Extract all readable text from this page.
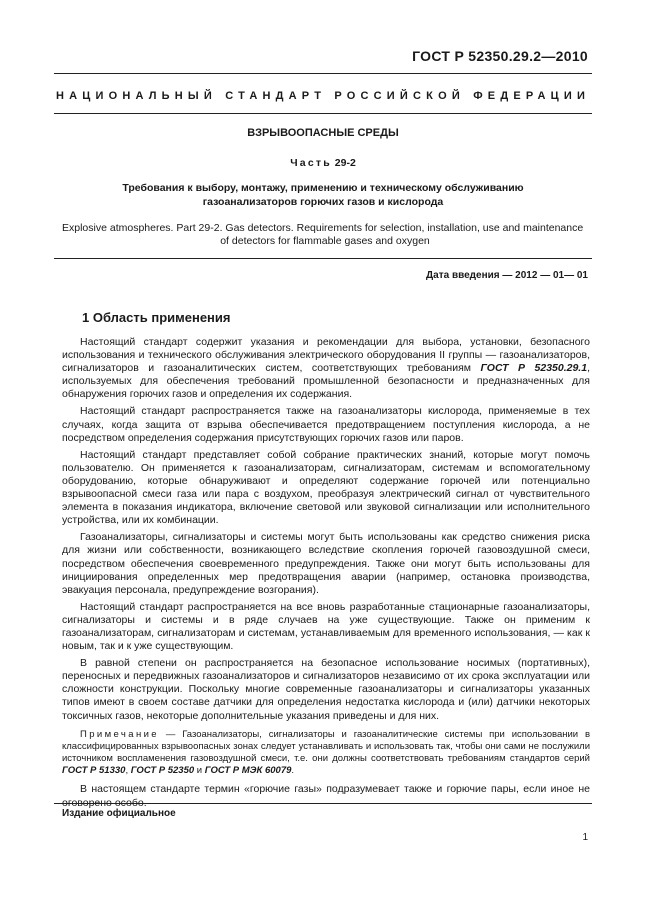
ГОСТ Р 52350.29.2—2010
НАЦИОНАЛЬНЫЙ СТАНДАРТ РОССИЙСКОЙ ФЕДЕРАЦИИ
ВЗРЫВООПАСНЫЕ СРЕДЫ
Часть 29-2
Требования к выбору, монтажу, применению и техническому обслуживанию
газоанализаторов горючих газов и кислорода
Explosive atmospheres. Part 29-2. Gas detectors. Requirements for selection, installation, use and maintenance
of detectors for flammable gases and oxygen
Дата введения — 2012 — 01— 01
1 Область применения

Настоящий стандарт содержит указания и рекомендации для выбора, установки, безопасного использования и технического обслуживания электрического оборудования II группы — газоанализаторов, сигнализаторов и газоаналитических систем, соответствующих требованиям ГОСТ Р 52350.29.1, используемых для обеспечения требований промышленной безопасности и предназначенных для обнаружения горючих газов и определения их содержания.

Настоящий стандарт распространяется также на газоанализаторы кислорода, применяемые в тех случаях, когда защита от взрыва обеспечивается предотвращением поступления кислорода, а не посредством определения содержания присутствующих горючих газов или паров.

Настоящий стандарт представляет собой собрание практических знаний, которые могут помочь пользователю. Он применяется к газоанализаторам, сигнализаторам, системам и вспомогательному оборудованию, которые обнаруживают и определяют содержание горючей или потенциально взрывоопасной смеси газа или пара с воздухом, преобразуя электрический сигнал от чувствительного элемента в показания индикатора, включение световой или звуковой сигнализации или исполнительного устройства, или их комбинации.

Газоанализаторы, сигнализаторы и системы могут быть использованы как средство снижения риска для жизни или собственности, возникающего вследствие скопления горючей газовоздушной смеси, посредством обеспечения своевременного предупреждения. Также они могут быть использованы для инициирования определенных мер предотвращения аварии (например, остановка производства, эвакуация персонала, предупреждение возгорания).

Настоящий стандарт распространяется на все вновь разработанные стационарные газоанализаторы, сигнализаторы и системы и в ряде случаев на уже существующие. Также он применим к газоанализаторам, сигнализаторам и системам, устанавливаемым для временного использования, — как к новым, так и к уже существующим.

В равной степени он распространяется на безопасное использование носимых (портативных), переносных и передвижных газоанализаторов и сигнализаторов независимо от их срока эксплуатации или сложности конструкции. Поскольку многие современные газоанализаторы и сигнализаторы указанных типов имеют в своем составе датчики для определения недостатка кислорода и (или) датчики некоторых токсичных газов, некоторые дополнительные указания приведены и для них.

Примечание — Газоанализаторы, сигнализаторы и газоаналитические системы при использовании в классифицированных взрывоопасных зонах следует устанавливать и использовать так, чтобы они сами не послужили источником воспламенения газовоздушной смеси, т.е. они должны соответствовать требованиям стандартов серий ГОСТ Р 51330, ГОСТ Р 52350 и ГОСТ Р МЭК 60079.

В настоящем стандарте термин «горючие газы» подразумевает также и горючие пары, если иное не оговорено особо.

Издание официальное
1
